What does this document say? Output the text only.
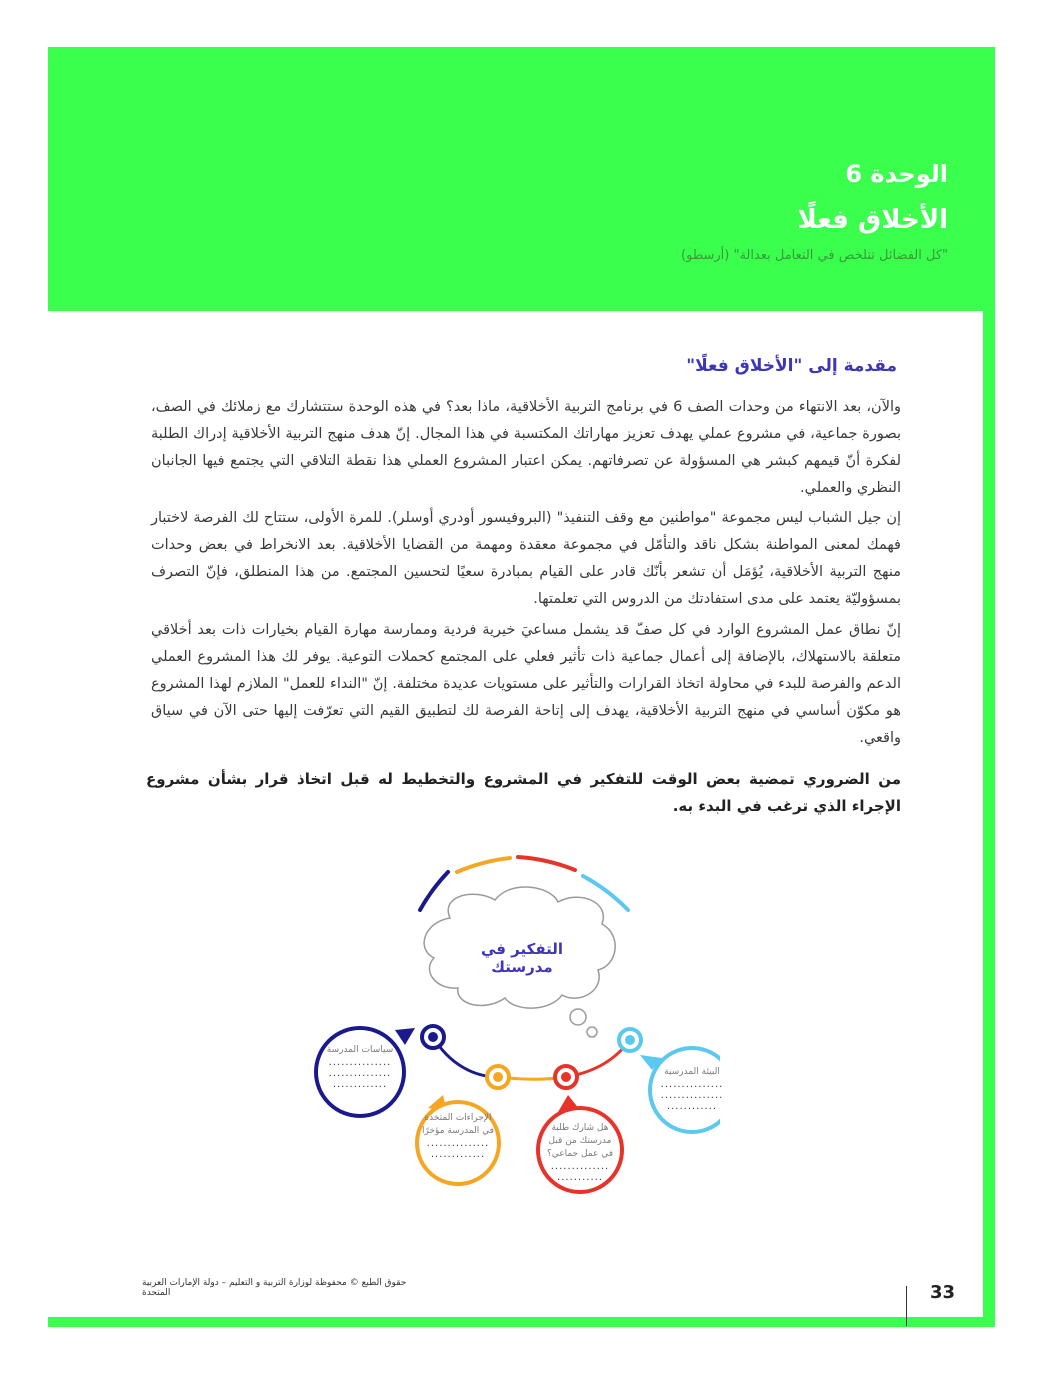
الوحدة 6
الأخلاق فعلًا
"كل الفضائل تتلخص في التعامل بعدالة" (أرسطو)
مقدمة إلى "الأخلاق فعلًا"

والآن، بعد الانتهاء من وحدات الصف 6 في برنامج التربية الأخلاقية، ماذا بعد؟ في هذه الوحدة ستتشارك مع زملائك في الصف، بصورة جماعية، في مشروع عملي يهدف تعزيز مهاراتك المكتسبة في هذا المجال. إنّ هدف منهج التربية الأخلاقية إدراك الطلبة لفكرة أنّ قيمهم كبشر هي المسؤولة عن تصرفاتهم. يمكن اعتبار المشروع العملي هذا نقطة التلاقي التي يجتمع فيها الجانبان النظري والعملي.

إن جيل الشباب ليس مجموعة "مواطنين مع وقف التنفيذ" (البروفيسور أودري أوسلر). للمرة الأولى، ستتاح لك الفرصة لاختبار فهمك لمعنى المواطنة بشكل ناقد والتأمّل في مجموعة معقدة ومهمة من القضايا الأخلاقية. بعد الانخراط في بعض وحدات منهج التربية الأخلاقية، يُؤمَل أن تشعر بأنّك قادر على القيام بمبادرة سعيًا لتحسين المجتمع. من هذا المنطلق، فإنّ التصرف بمسؤوليّة يعتمد على مدى استفادتك من الدروس التي تعلمتها.

إنّ نطاق عمل المشروع الوارد في كل صفّ قد يشمل مساعيَ خيرية فردية وممارسة مهارة القيام بخيارات ذات بعد أخلاقي متعلقة بالاستهلاك، بالإضافة إلى أعمال جماعية ذات تأثير فعلي على المجتمع كحملات التوعية. يوفر لك هذا المشروع العملي الدعم والفرصة للبدء في محاولة اتخاذ القرارات والتأثير على مستويات عديدة مختلفة. إنّ "النداء للعمل" الملازم لهذا المشروع هو مكوّن أساسي في منهج التربية الأخلاقية، يهدف إلى إتاحة الفرصة لك لتطبيق القيم التي تعرّفت إليها حتى الآن في سياق واقعي.

من الضروري تمضية بعض الوقت للتفكير في المشروع والتخطيط له قبل اتخاذ قرار بشأن مشروع الإجراء الذي ترغب في البدء به.

التفكير في مدرستك
سياسات المدرسة
...............
...............
.............
الإجراءات المتخذة في المدرسة مؤخرًا
...............
.............
هل شارك طلبة مدرستك من قبل في عمل جماعي؟
..............
...........
البيئة المدرسية
...............
...............
............
حقوق الطبع © محفوظة لوزارة التربية و التعليم – دولة الإمارات العربية المتحدة	33
